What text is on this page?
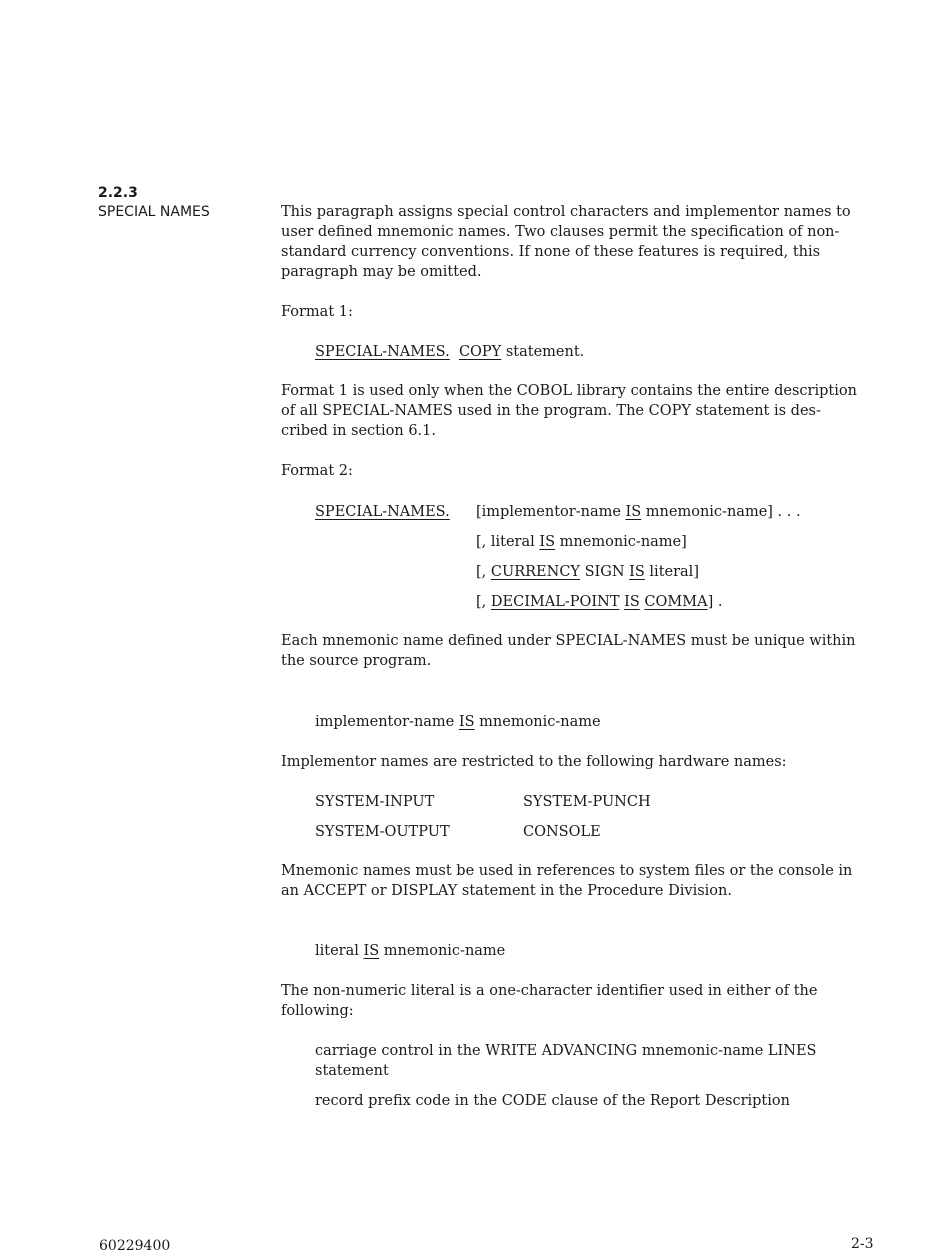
2.2.3
SPECIAL NAMES	This paragraph assigns special control characters and implementor names to
user defined mnemonic names. Two clauses permit the specification of non-
standard currency conventions. If none of these features is required, this
paragraph may be omitted.
Format 1:
SPECIAL-NAMES. COPY statement.
Format 1 is used only when the COBOL library contains the entire description
of all SPECIAL-NAMES used in the program. The COPY statement is des-
cribed in section 6.1.
Format 2:
SPECIAL-NAMES. [implementor-name IS mnemonic-name] . . .
[, literal IS mnemonic-name]
[, CURRENCY SIGN IS literal]
[, DECIMAL-POINT IS COMMA] .
Each mnemonic name defined under SPECIAL-NAMES must be unique within
the source program.
implementor-name IS mnemonic-name
Implementor names are restricted to the following hardware names:
SYSTEM-INPUT	SYSTEM-PUNCH
SYSTEM-OUTPUT	CONSOLE
Mnemonic names must be used in references to system files or the console in
an ACCEPT or DISPLAY statement in the Procedure Division.
literal IS mnemonic-name
The non-numeric literal is a one-character identifier used in either of the
following:
carriage control in the WRITE ADVANCING mnemonic-name LINES
statement
record prefix code in the CODE clause of the Report Description
60229400	2-3
